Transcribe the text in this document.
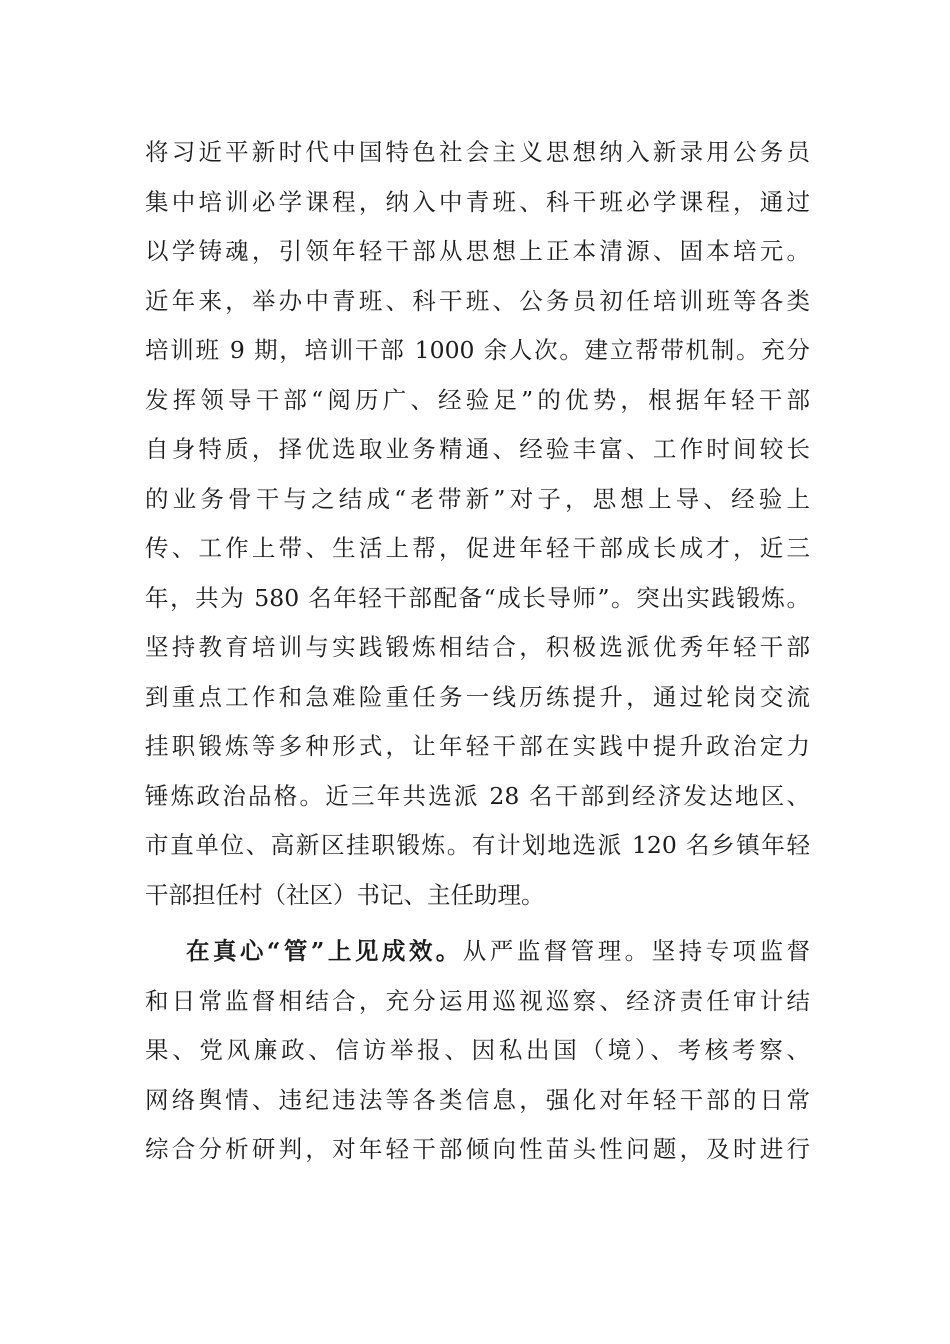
将习近平新时代中国特色社会主义思想纳入新录用公务员
集中培训必学课程，纳入中青班、科干班必学课程，通过
以学铸魂，引领年轻干部从思想上正本清源、固本培元。
近年来，举办中青班、科干班、公务员初任培训班等各类
培训班 9 期，培训干部 1000 余人次。建立帮带机制。充分
发挥领导干部“阅历广、经验足”的优势，根据年轻干部
自身特质，择优选取业务精通、经验丰富、工作时间较长
的业务骨干与之结成“老带新”对子，思想上导、经验上
传、工作上带、生活上帮，促进年轻干部成长成才，近三
年，共为 580 名年轻干部配备“成长导师”。突出实践锻炼。
坚持教育培训与实践锻炼相结合，积极选派优秀年轻干部
到重点工作和急难险重任务一线历练提升，通过轮岗交流
挂职锻炼等多种形式，让年轻干部在实践中提升政治定力
锤炼政治品格。近三年共选派 28 名干部到经济发达地区、
市直单位、高新区挂职锻炼。有计划地选派 120 名乡镇年轻
干部担任村（社区）书记、主任助理。
在真心“管”上见成效。从严监督管理。坚持专项监督
和日常监督相结合，充分运用巡视巡察、经济责任审计结
果、党风廉政、信访举报、因私出国（境）、考核考察、
网络舆情、违纪违法等各类信息，强化对年轻干部的日常
综合分析研判，对年轻干部倾向性苗头性问题，及时进行
